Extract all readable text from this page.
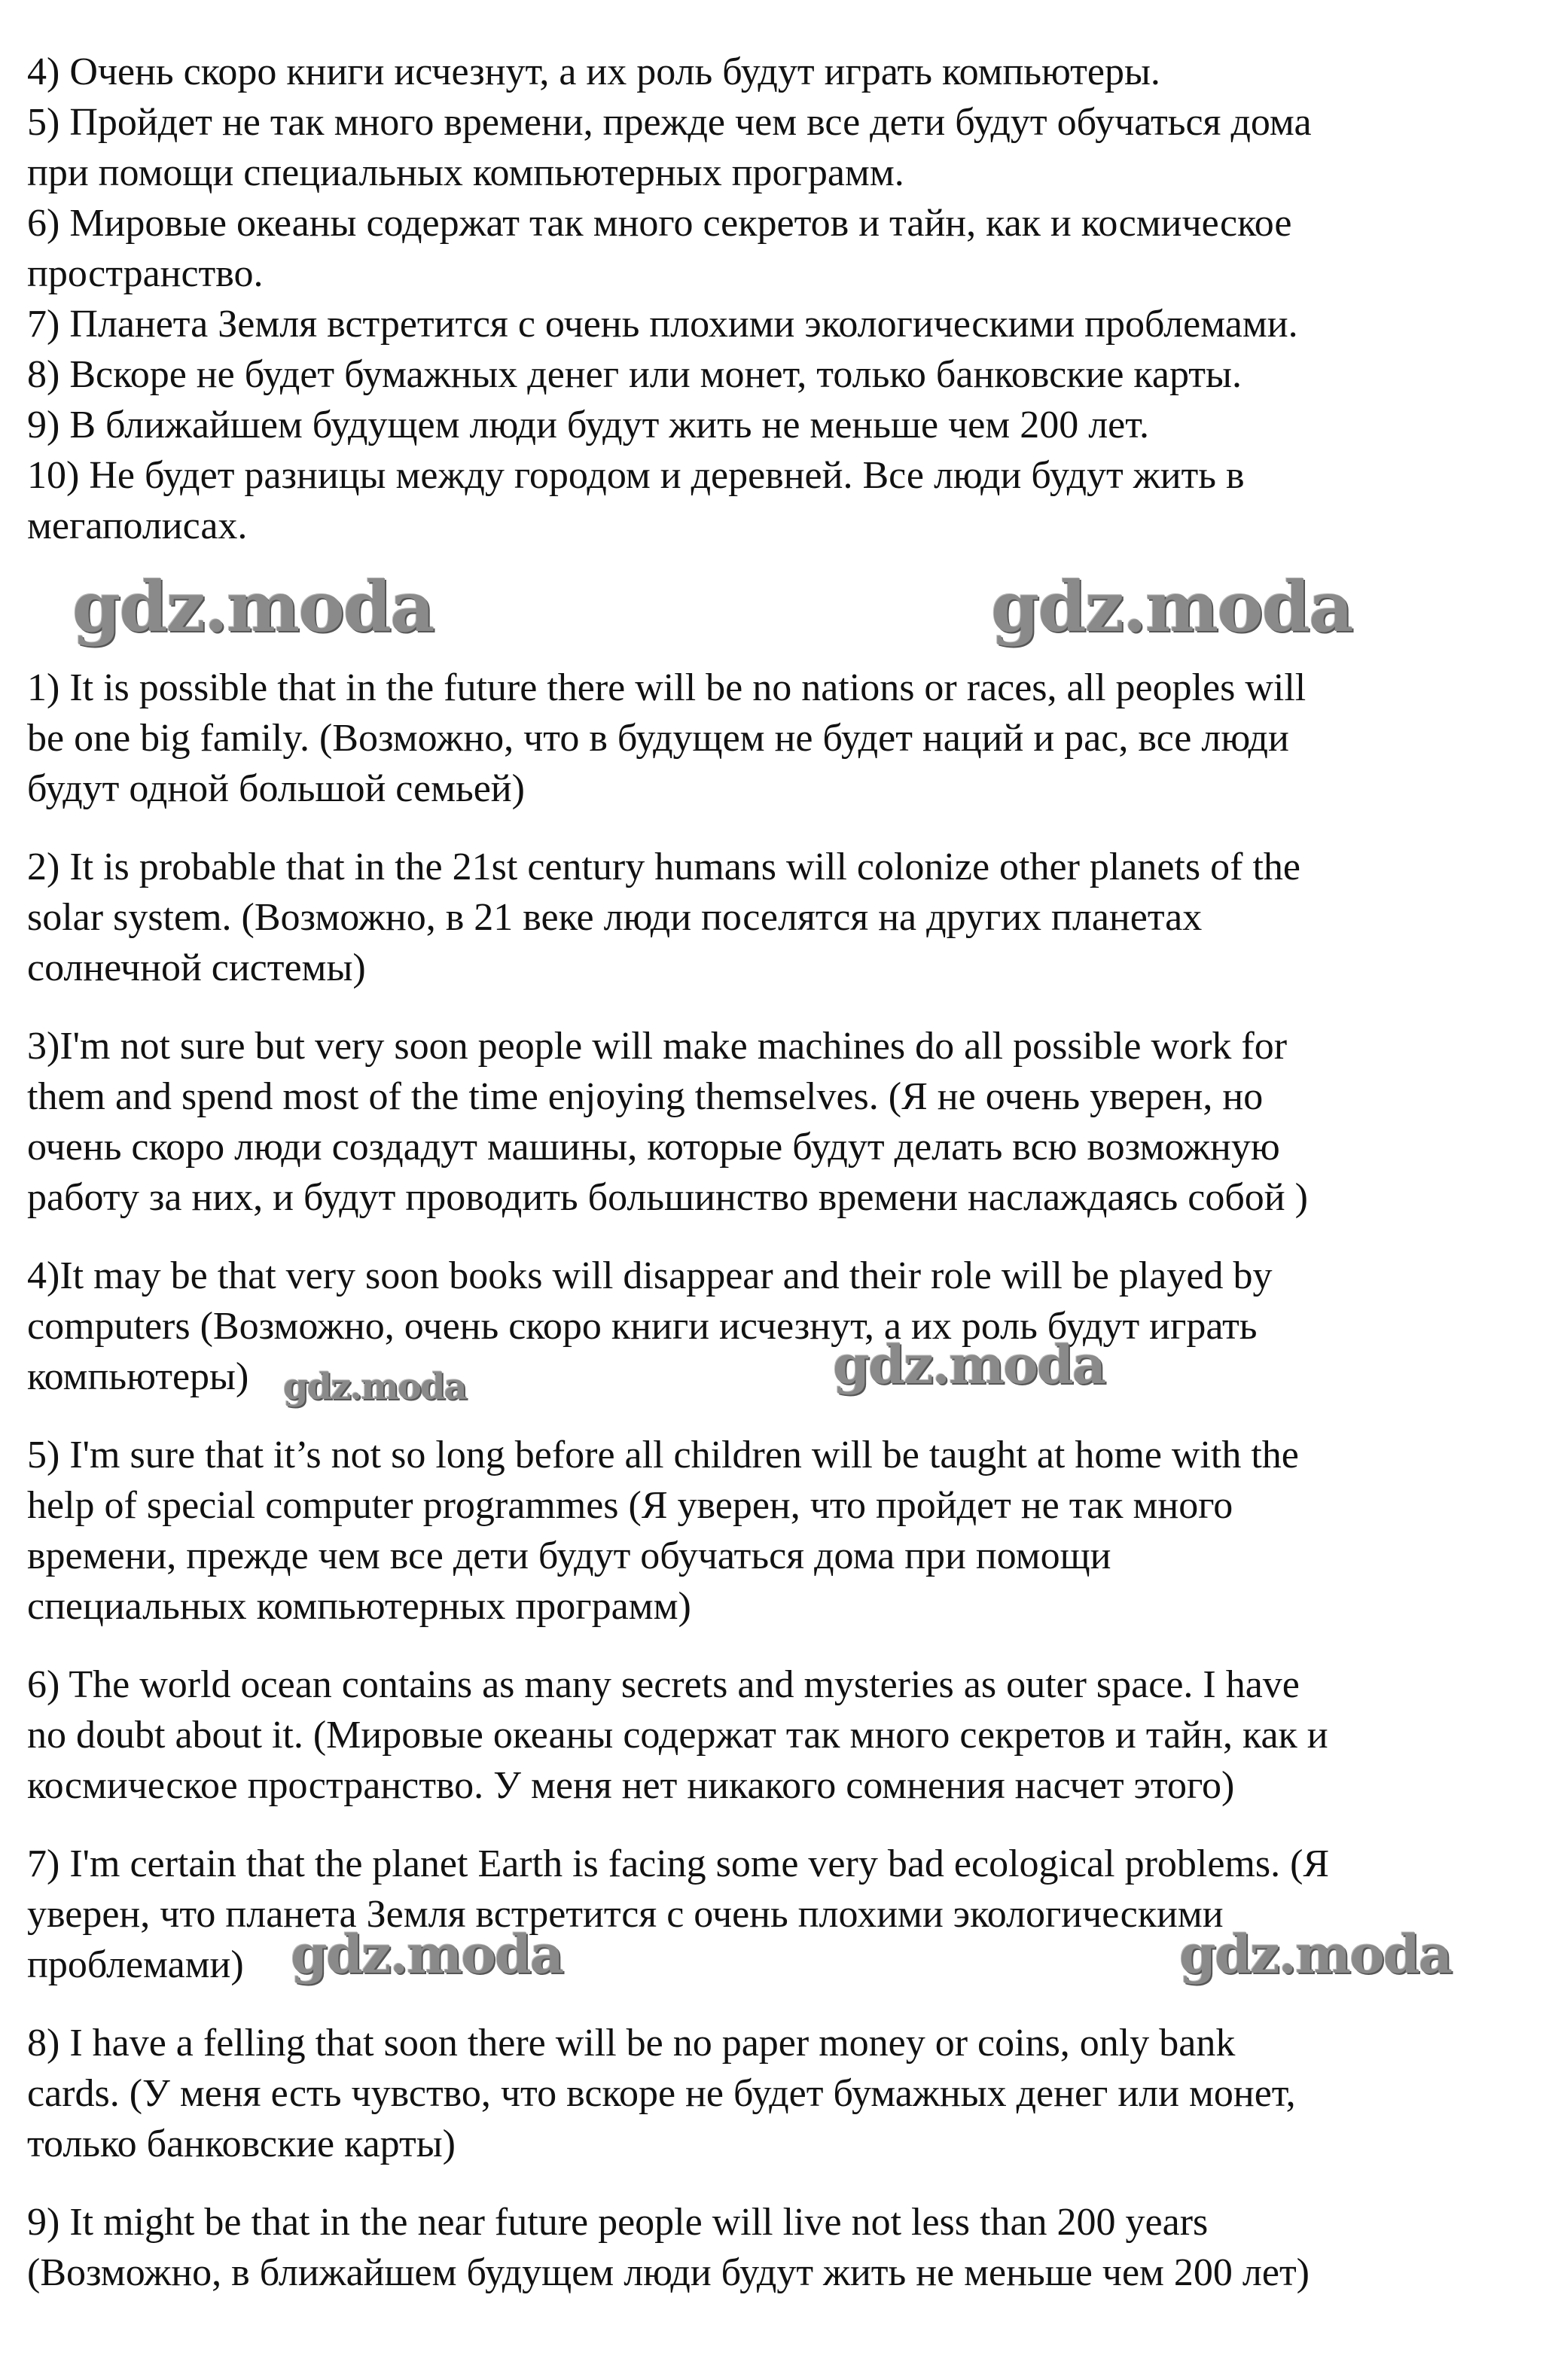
4) Очень скоро книги исчезнут, а их роль будут играть компьютеры.

5) Пройдет не так много времени, прежде чем все дети будут обучаться дома

при помощи специальных компьютерных программ.

6) Мировые океаны содержат так много секретов и тайн, как и космическое

пространство.

7) Планета Земля встретится с очень плохими экологическими проблемами.

8) Вскоре не будет бумажных денег или монет, только банковские карты.

9) В ближайшем будущем люди будут жить не меньше чем 200 лет.

10) Не будет разницы между городом и деревней. Все люди будут жить в

мегаполисах.

gdz.moda	gdz.moda
1) It is possible that in the future there will be no nations or races, all peoples will
be one big family. (Возможно, что в будущем не будет наций и рас, все люди
будут одной большой семьей)
2) It is probable that in the 21st century humans will colonize other planets of the
solar system. (Возможно, в 21 веке люди поселятся на других планетах
солнечной системы)
3)I'm not sure but very soon people will make machines do all possible work for
them and spend most of the time enjoying themselves. (Я не очень уверен, но
очень скоро люди создадут машины, которые будут делать всю возможную
работу за них, и будут проводить большинство времени наслаждаясь собой )
4)It may be that very soon books will disappear and their role will be played by
computers (Возможно, очень скоро книги исчезнут, а их роль будут играть
компьютеры) gdz.moda	gdz.moda
5) I'm sure that it’s not so long before all children will be taught at home with the
help of special computer programmes (Я уверен, что пройдет не так много
времени, прежде чем все дети будут обучаться дома при помощи
специальных компьютерных программ)
6) The world ocean contains as many secrets and mysteries as outer space. I have
no doubt about it. (Мировые океаны содержат так много секретов и тайн, как и
космическое пространство. У меня нет никакого сомнения насчет этого)
7) I'm certain that the planet Earth is facing some very bad ecological problems. (Я
уверен, что планета Земля встретится с очень плохими экологическими
проблемами) gdz.moda	gdz.moda
8) I have a felling that soon there will be no paper money or coins, only bank
cards. (У меня есть чувство, что вскоре не будет бумажных денег или монет,
только банковские карты)
9) It might be that in the near future people will live not less than 200 years
(Возможно, в ближайшем будущем люди будут жить не меньше чем 200 лет)
